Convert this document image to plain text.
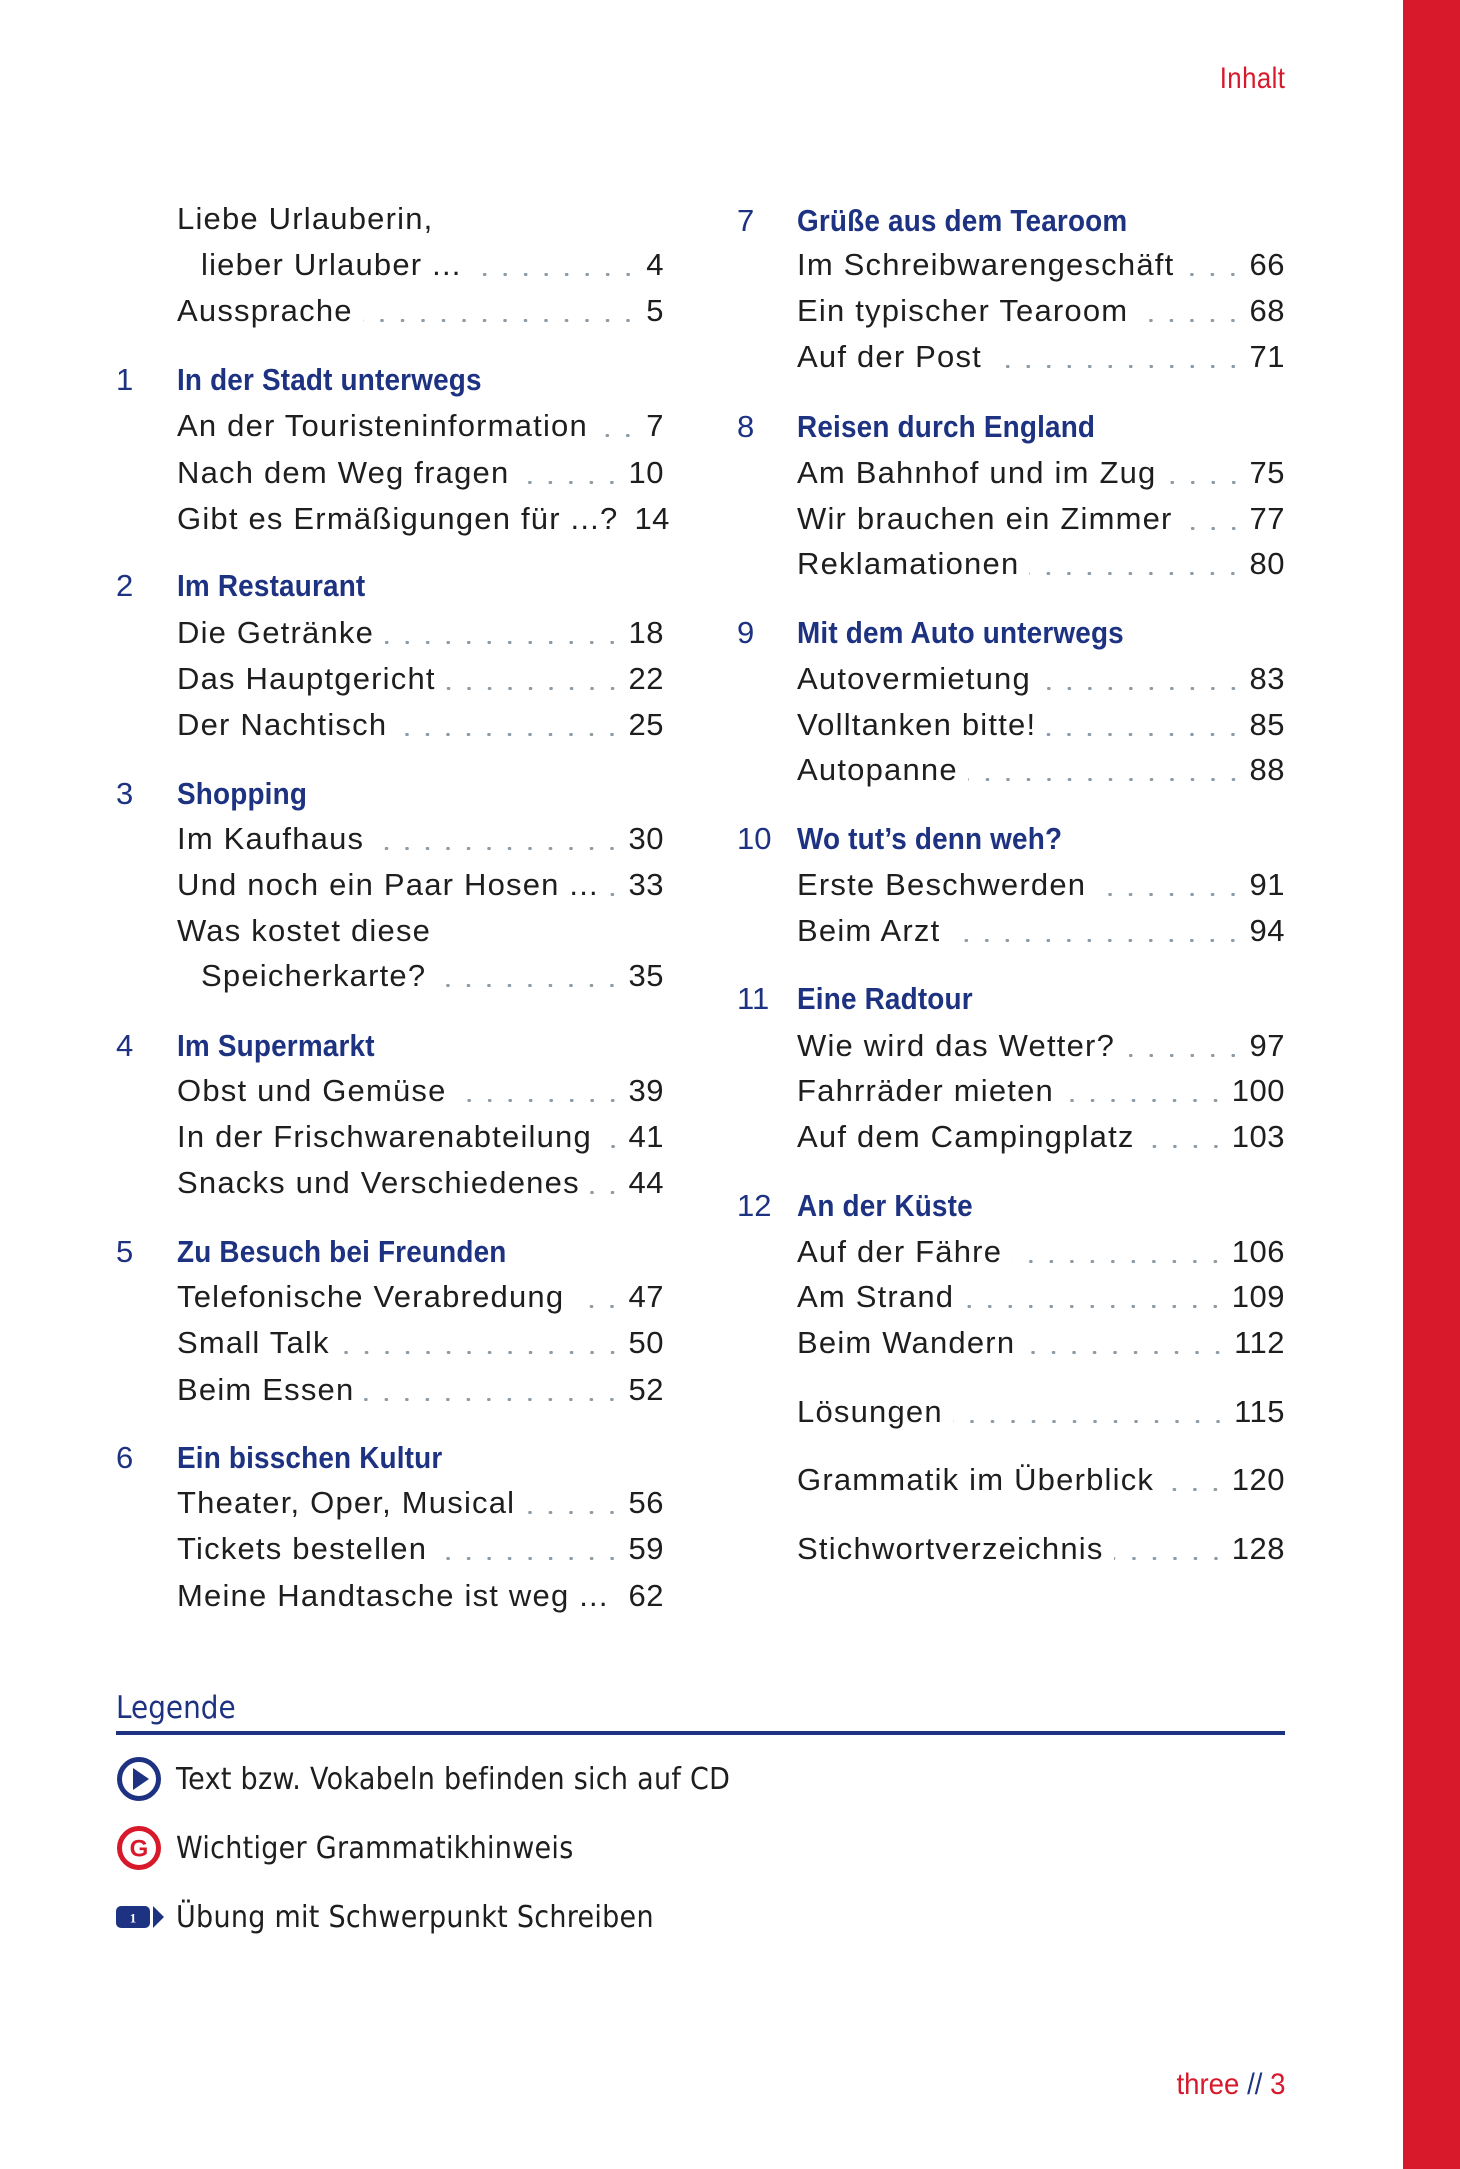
Inhalt
Liebe Urlauberin,
lieber Urlauber ...	4
Aussprache	5
1 In der Stadt unterwegs
An der Touristeninformation 7
Nach dem Weg fragen	10
Gibt es Ermäßigungen für ...? 14
2 Im Restaurant
Die Getränke	18
Das Hauptgericht	22
Der Nachtisch	25
3 Shopping
Im Kaufhaus	30
Und noch ein Paar Hosen ... 33
Was kostet diese
Speicherkarte?	35
4 Im Supermarkt
Obst und Gemüse	39
In der Frischwarenabteilung 41
Snacks und Verschiedenes 44
5 Zu Besuch bei Freunden
Telefonische Verabredung 47
Small Talk	50
Beim Essen	52
6 Ein bisschen Kultur
Theater, Oper, Musical	56
Tickets bestellen	59
Meine Handtasche ist weg ... 62
7 Grüße aus dem Tearoom
Im Schreibwarengeschäft 66
Ein typischer Tearoom	68
Auf der Post	71
8 Reisen durch England
Am Bahnhof und im Zug	75
Wir brauchen ein Zimmer 77
Reklamationen	80
9 Mit dem Auto unterwegs
Autovermietung	83
Volltanken bitte!	85
Autopanne	88
10 Wo tut’s denn weh?
Erste Beschwerden	91
Beim Arzt	94
11 Eine Radtour
Wie wird das Wetter?	97
Fahrräder mieten	100
Auf dem Campingplatz	103
12 An der Küste
Auf der Fähre	106
Am Strand	109
Beim Wandern	112
Lösungen	115
Grammatik im Überblick	120
Stichwortverzeichnis	128
Legende
Text bzw. Vokabeln befinden sich auf CD
G Wichtiger Grammatikhinweis
1 Übung mit Schwerpunkt Schreiben
three // 3
